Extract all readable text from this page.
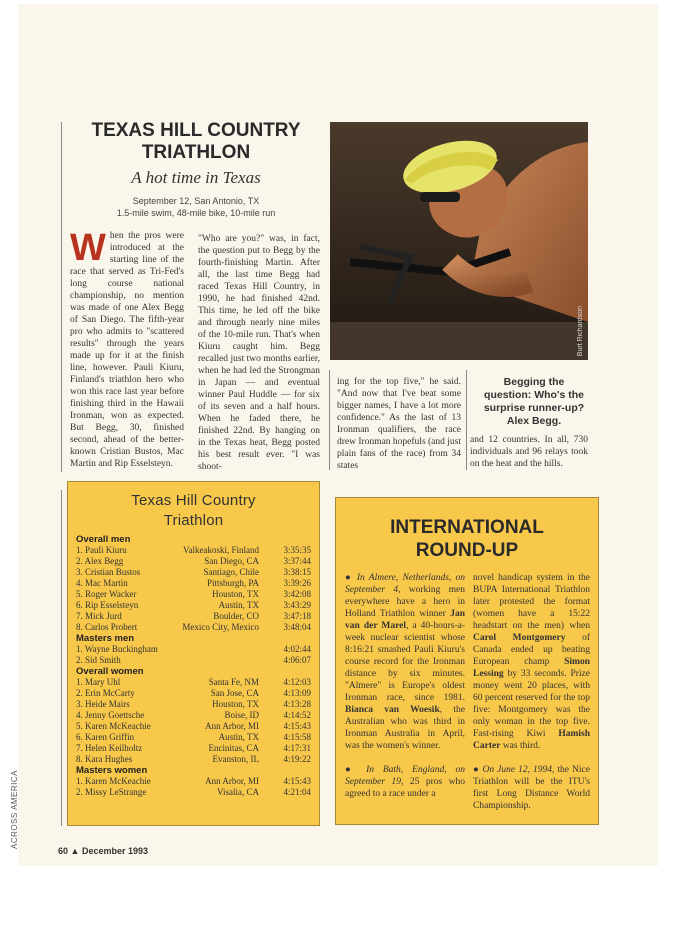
TEXAS HILL COUNTRY
TRIATHLON
A hot time in Texas
September 12, San Antonio, TX
1.5-mile swim, 48-mile bike, 10-mile run
When the pros were introduced at the starting line of the race that served as Tri-Fed's long course national championship, no mention was made of one Alex Begg of San Diego. The fifth-year pro who admits to "scattered results" through the years made up for it at the finish line, however. Pauli Kiuru, Finland's triathlon hero who won this race last year before finishing third in the Hawaii Ironman, won as expected. But Begg, 30, finished second, ahead of the better-known Cristian Bustos, Mac Martin and Rip Esselsteyn.
"Who are you?" was, in fact, the question put to Begg by the fourth-finishing Martin. After all, the last time Begg had raced Texas Hill Country, in 1990, he had finished 42nd. This time, he led off the bike and through nearly nine miles of the 10-mile run. That's when Kiuru caught him. Begg recalled just two months earlier, when he had led the Strongman in Japan — and eventual winner Paul Huddle — for six of its seven and a half hours. When he faded there, he finished 22nd. By hanging on in the Texas heat, Begg posted his best result ever. "I was shoot-
ing for the top five," he said. "And now that I've beat some bigger names, I have a lot more confidence." As the last of 13 Ironman qualifiers, the race drew Ironman hopefuls (and just plain fans of the race) from 34 states
and 12 countries. In all, 730 individuals and 96 relays took on the heat and the hills.
Burt Richardson
Begging the question: Who's the surprise runner-up? Alex Begg.
Texas Hill Country
Triathlon
Overall men
1. Pauli Kiuru	Valkeakoski, Finland	3:35:35
2. Alex Begg	San Diego, CA	3:37:44
3. Cristian Bustos	Santiago, Chile	3:38:15
4. Mac Martin	Pittsburgh, PA	3:39:26
5. Roger Wacker	Houston, TX	3:42:08
6. Rip Esselsteyn	Austin, TX	3:43:29
7. Mick Jurd	Boulder, CO	3:47:18
8. Carlos Probert	Mexico City, Mexico	3:48:04
Masters men
1. Wayne Buckingham	4:02:44
2. Sid Smith	4:06:07
Overall women
1. Mary Uhl	Santa Fe, NM	4:12:03
2. Erin McCarty	San Jose, CA	4:13:09
3. Heide Mairs	Houston, TX	4:13:28
4. Jenny Goettsche	Boise, ID	4:14:52
5. Karen McKeachie	Ann Arbor, MI	4:15:43
6. Karen Griffin	Austin, TX	4:15:58
7. Helen Keilholtz	Encinitas, CA	4:17:31
8. Kara Hughes	Evanston, IL	4:19:22
Masters women
1. Karen McKeachie	Ann Arbor, MI	4:15:43
2. Missy LeStrange	Visalia, CA	4:21:04
INTERNATIONAL
ROUND-UP
● In Almere, Netherlands, on September 4, working men everywhere have a hero in Holland Triathlon winner Jan van der Marel, a 40-hours-a-week nuclear scientist whose 8:16:21 smashed Pauli Kiuru's course record for the Ironman distance by six minutes. "Almere" is Europe's oldest Ironman race, since 1981. Bianca van Woesik, the Australian who was third in Ironman Australia in April, was the women's winner.
● In Bath, England, on September 19, 25 pros who agreed to a race under a
novel handicap system in the BUPA International Triathlon later protested the format (women have a 15:22 headstart on the men) when Carol Montgomery of Canada ended up beating European champ Simon Lessing by 33 seconds. Prize money went 20 places, with 60 percent reserved for the top five: Montgomery was the only woman in the top five. Fast-rising Kiwi Hamish Carter was third.
● On June 12, 1994, the Nice Triathlon will be the ITU's first Long Distance World Championship.
60 ▲ December 1993
ACROSS AMERICA
